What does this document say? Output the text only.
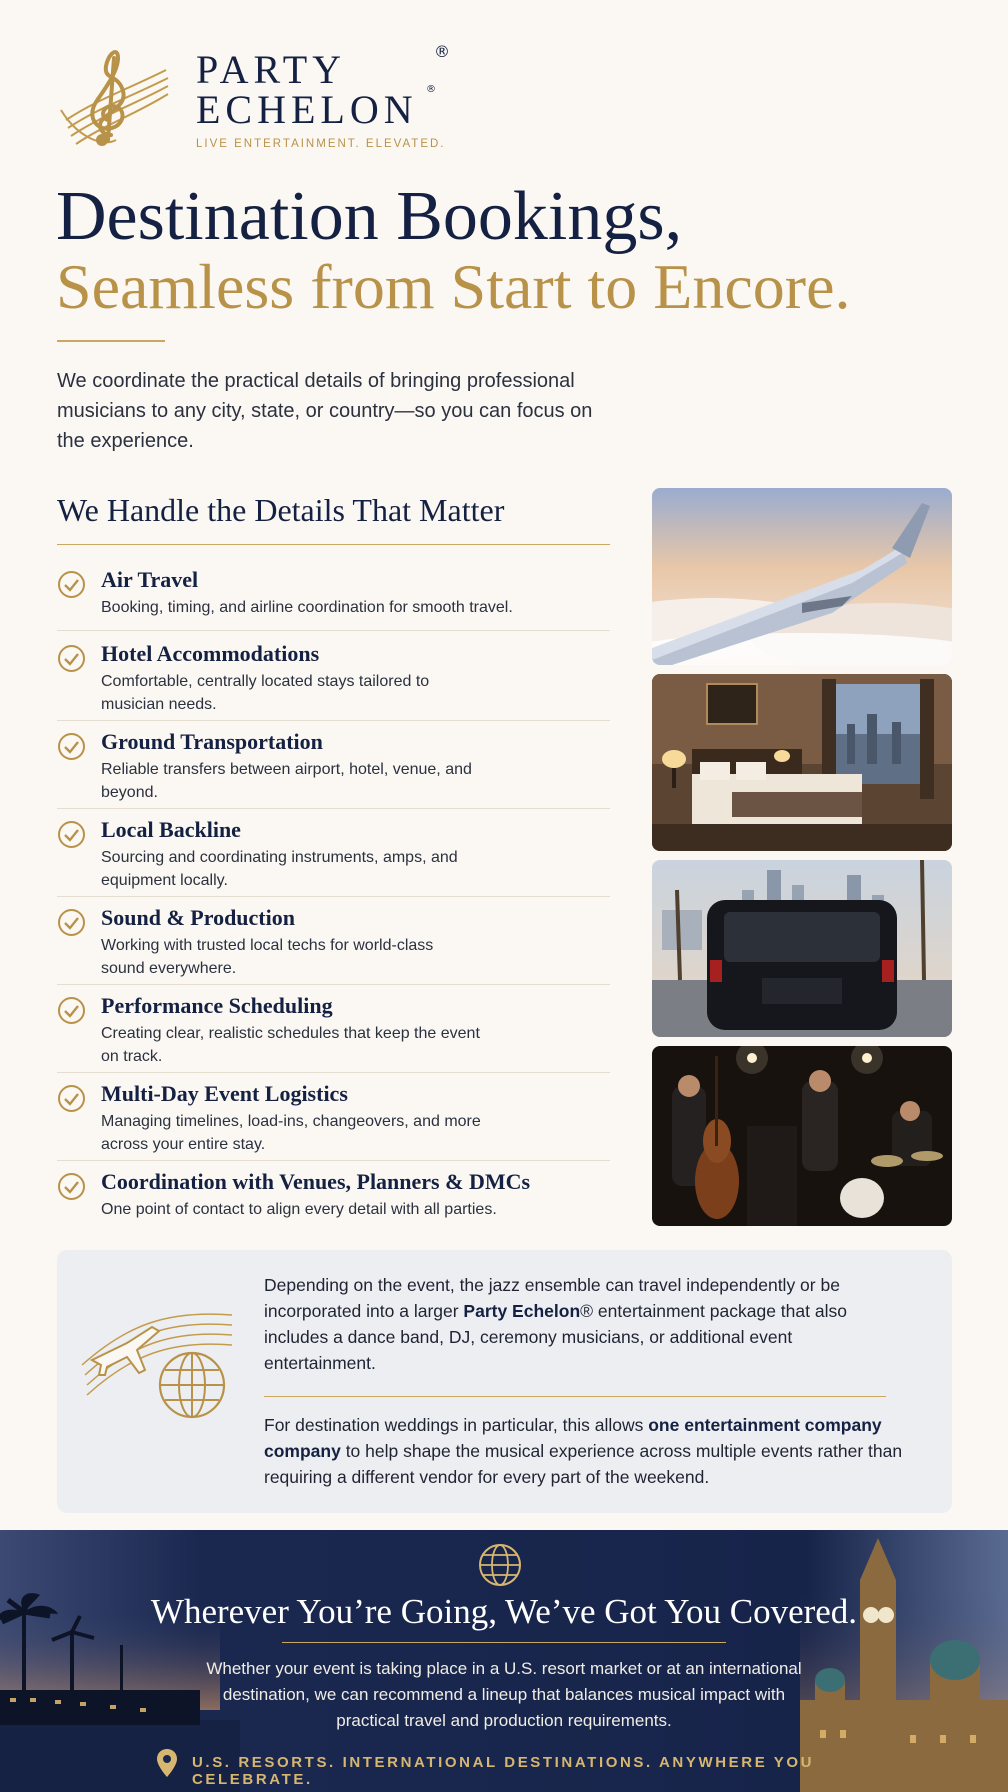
PARTY
ECHELON
®
®
LIVE ENTERTAINMENT. ELEVATED.
Destination Bookings,
Seamless from Start to Encore.
We coordinate the practical details of bringing professional musicians to any city, state, or country—so you can focus on the experience.
We Handle the Details That Matter
Air Travel
Booking, timing, and airline coordination for smooth travel.
Hotel Accommodations
Comfortable, centrally located stays tailored to musician needs.
Ground Transportation
Reliable transfers between airport, hotel, venue, and beyond.
Local Backline
Sourcing and coordinating instruments, amps, and equipment locally.
Sound & Production
Working with trusted local techs for world-class sound everywhere.
Performance Scheduling
Creating clear, realistic schedules that keep the event on track.
Multi-Day Event Logistics
Managing timelines, load-ins, changeovers, and more across your entire stay.
Coordination with Venues, Planners & DMCs
One point of contact to align every detail with all parties.
Depending on the event, the jazz ensemble can travel independently or be incorporated into a larger Party Echelon® entertainment package that also includes a dance band, DJ, ceremony musicians, or additional event entertainment.
For destination weddings in particular, this allows one entertainment company company to help shape the musical experience across multiple events rather than requiring a different vendor for every part of the weekend.
Wherever You’re Going, We’ve Got You Covered.
Whether your event is taking place in a U.S. resort market or at an international destination, we can recommend a lineup that balances musical impact with practical travel and production requirements.
U.S. RESORTS. INTERNATIONAL DESTINATIONS. ANYWHERE YOU CELEBRATE.
